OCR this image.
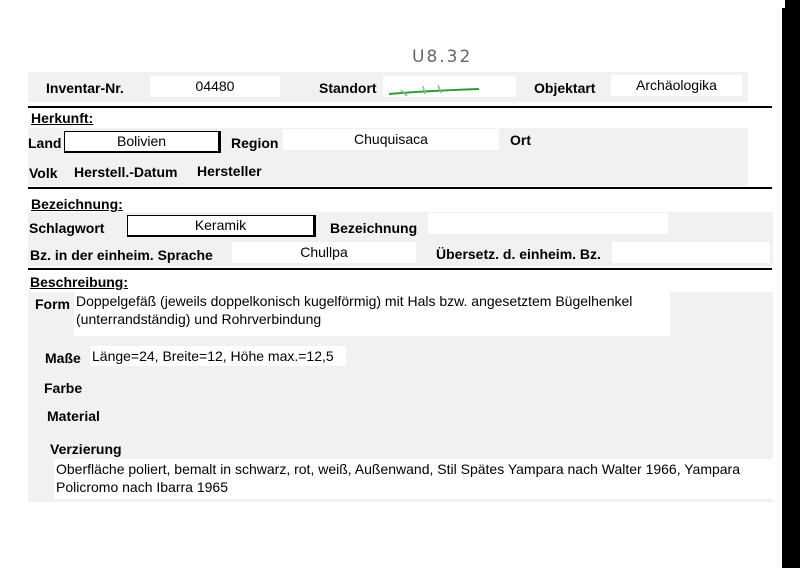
Inventar-Nr.	04480	Standort
U8.32
Objektart	Archäologika
Herkunft:
Land	Bolivien	Region	Chuquisaca	Ort
Volk Herstell.-Datum Hersteller
Bezeichnung:
Schlagwort	Keramik	Bezeichnung
Bz. in der einheim. Sprache	Chullpa	Übersetz. d. einheim. Bz.
Beschreibung:
Form Doppelgefäß (jeweils doppelkonisch kugelförmig) mit Hals bzw. angesetztem Bügelhenkel
(unterrandständig) und Rohrverbindung
Maße Länge=24, Breite=12, Höhe max.=12,5
Farbe
Material
Verzierung
Oberfläche poliert, bemalt in schwarz, rot, weiß, Außenwand, Stil Spätes Yampara nach Walter 1966, Yampara
Policromo nach Ibarra 1965
